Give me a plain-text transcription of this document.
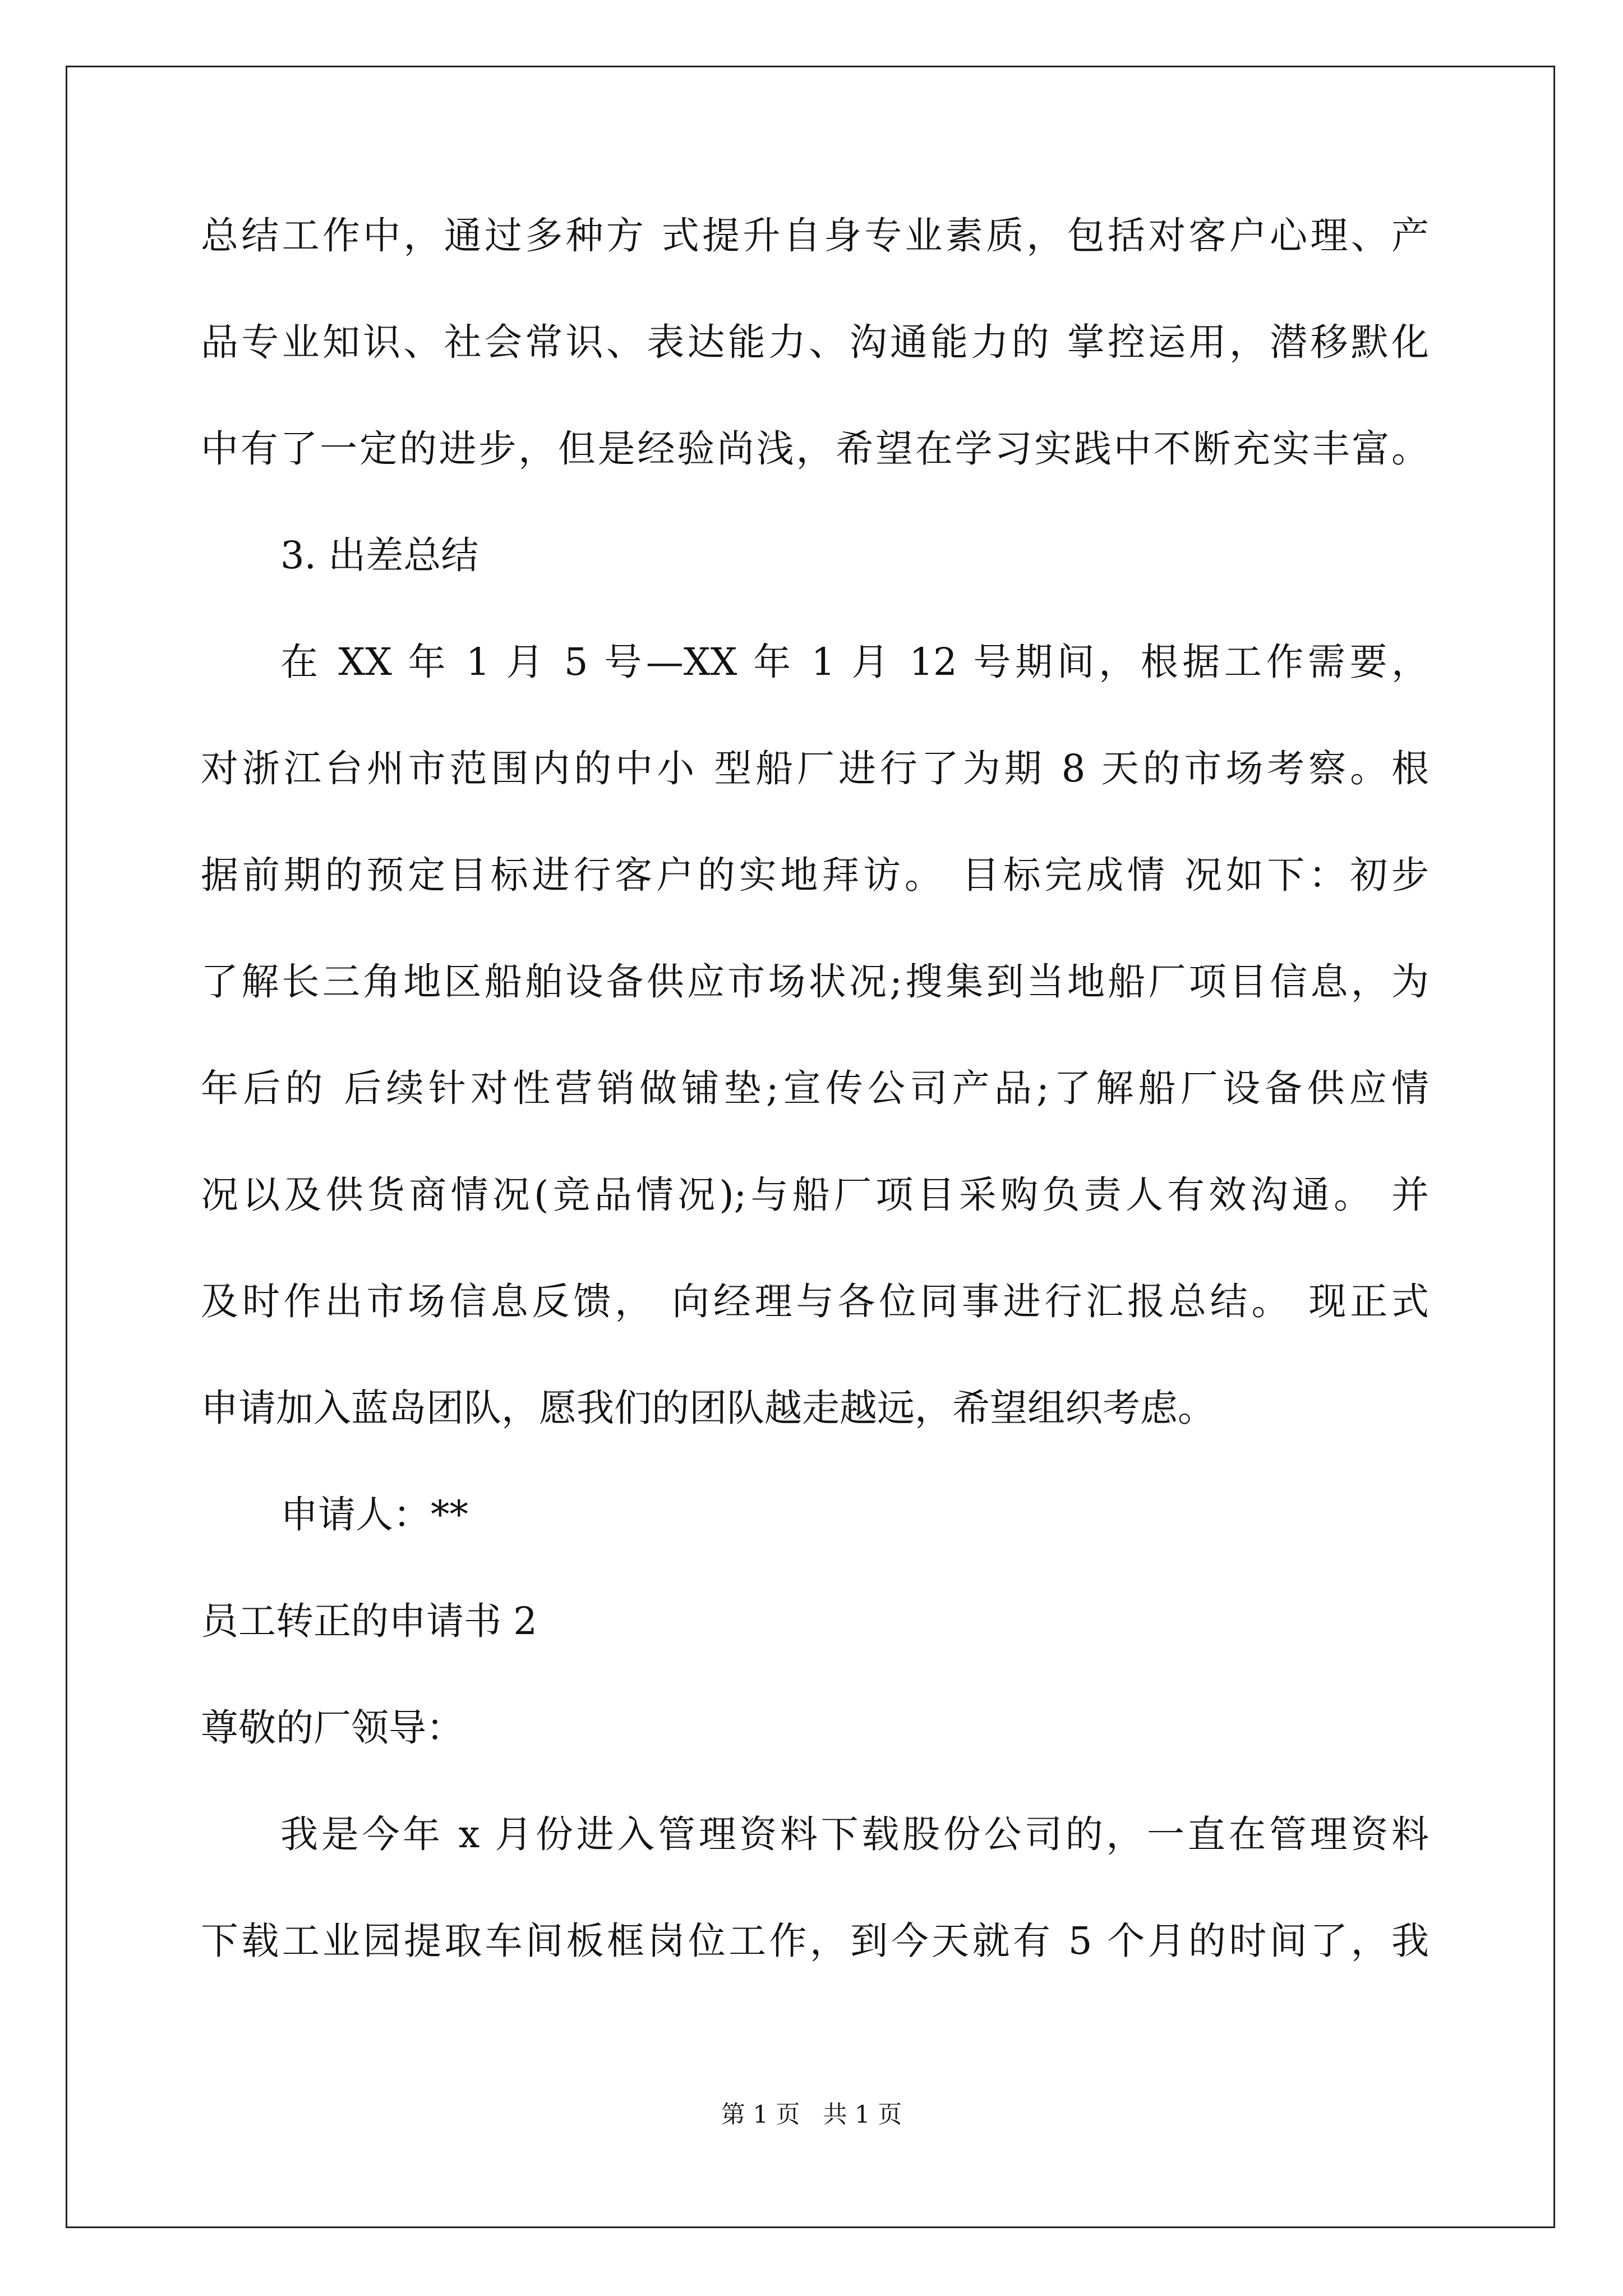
总结工作中，通过多种方 式提升自身专业素质，包括对客户心理、产
品专业知识、社会常识、表达能力、沟通能力的 掌控运用，潜移默化
中有了一定的进步，但是经验尚浅，希望在学习实践中不断充实丰富。
3. 出差总结
在 XX 年 1 月 5 号—XX 年 1 月 12 号期间，根据工作需要，
对浙江台州市范围内的中小 型船厂进行了为期 8 天的市场考察。根
据前期的预定目标进行客户的实地拜访。 目标完成情 况如下：初步
了解长三角地区船舶设备供应市场状况;搜集到当地船厂项目信息，为
年后的 后续针对性营销做铺垫;宣传公司产品;了解船厂设备供应情
况以及供货商情况(竞品情况);与船厂项目采购负责人有效沟通。 并
及时作出市场信息反馈， 向经理与各位同事进行汇报总结。 现正式
申请加入蓝岛团队，愿我们的团队越走越远，希望组织考虑。
申请人：**
员工转正的申请书 2
尊敬的厂领导：
我是今年 x 月份进入管理资料下载股份公司的，一直在管理资料
下载工业园提取车间板框岗位工作，到今天就有 5 个月的时间了，我
第 1 页   共 1 页
